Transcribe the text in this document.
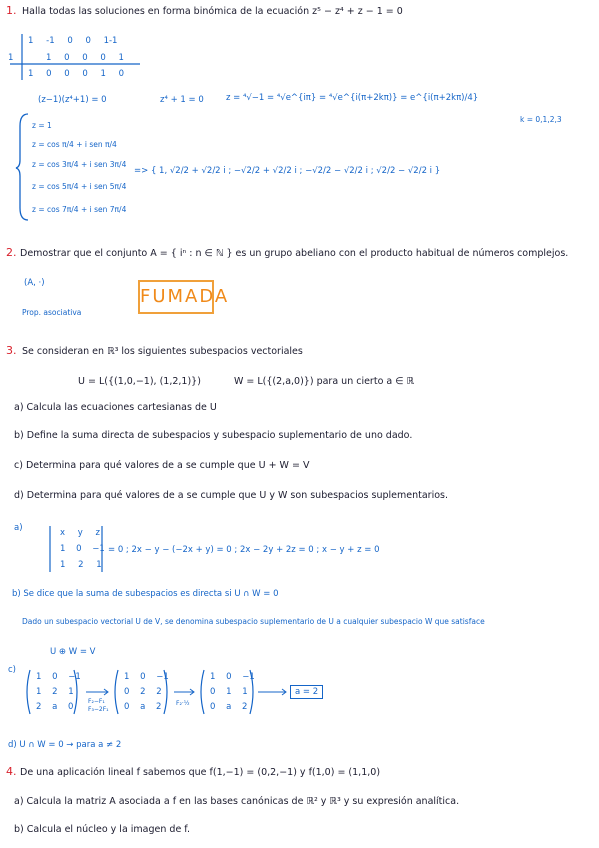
1. Halla todas las soluciones en forma binómica de la ecuación z⁵ − z⁴ + z − 1 = 0
1 -1 0 0 1-1
1	1 0 0 0 1
1 0 0 0 1 0
(z−1)(z⁴+1) = 0	z⁴ + 1 = 0	z = ⁴√−1 = ⁴√e^{iπ} = ⁴√e^{i(π+2kπ)} = e^{i(π+2kπ)/4}
k = 0,1,2,3
z = 1
z = cos π/4 + i sen π/4
z = cos 3π/4 + i sen 3π/4
z = cos 5π/4 + i sen 5π/4
z = cos 7π/4 + i sen 7π/4
=> { 1, √2/2 + √2/2 i ; −√2/2 + √2/2 i ; −√2/2 − √2/2 i ; √2/2 − √2/2 i }
2. Demostrar que el conjunto A = { iⁿ : n ∈ ℕ } es un grupo abeliano con el producto habitual de números complejos.
(A, ·)
Prop. asociativa
FUMADA
3. Se consideran en ℝ³ los siguientes subespacios vectoriales
U = L({(1,0,−1), (1,2,1)})	W = L({(2,a,0)}) para un cierto a ∈ ℝ
a) Calcula las ecuaciones cartesianas de U
b) Define la suma directa de subespacios y subespacio suplementario de uno dado.
c) Determina para qué valores de a se cumple que U + W = V
d) Determina para qué valores de a se cumple que U y W son subespacios suplementarios.
a)	x y z
1 0 −1
1 2 1
= 0 ; 2x − y − (−2x + y) = 0 ; 2x − 2y + 2z = 0 ; x − y + z = 0
b) Se dice que la suma de subespacios es directa si U ∩ W = 0
Dado un subespacio vectorial U de V, se denomina subespacio suplementario de U a cualquier subespacio W que satisface
U ⊕ W = V
c)
1 0 −1
1 2 1
2 a 0
F₂−F₁
F₃−2F₁
1 0 −1
0 2 2
0 a 2 F₂·½
1 0 −1
0 1 1
0 a 2
a = 2
d) U ∩ W = 0 → para a ≠ 2
4. De una aplicación lineal f sabemos que f(1,−1) = (0,2,−1) y f(1,0) = (1,1,0)
a) Calcula la matriz A asociada a f en las bases canónicas de ℝ² y ℝ³ y su expresión analítica.
b) Calcula el núcleo y la imagen de f.
